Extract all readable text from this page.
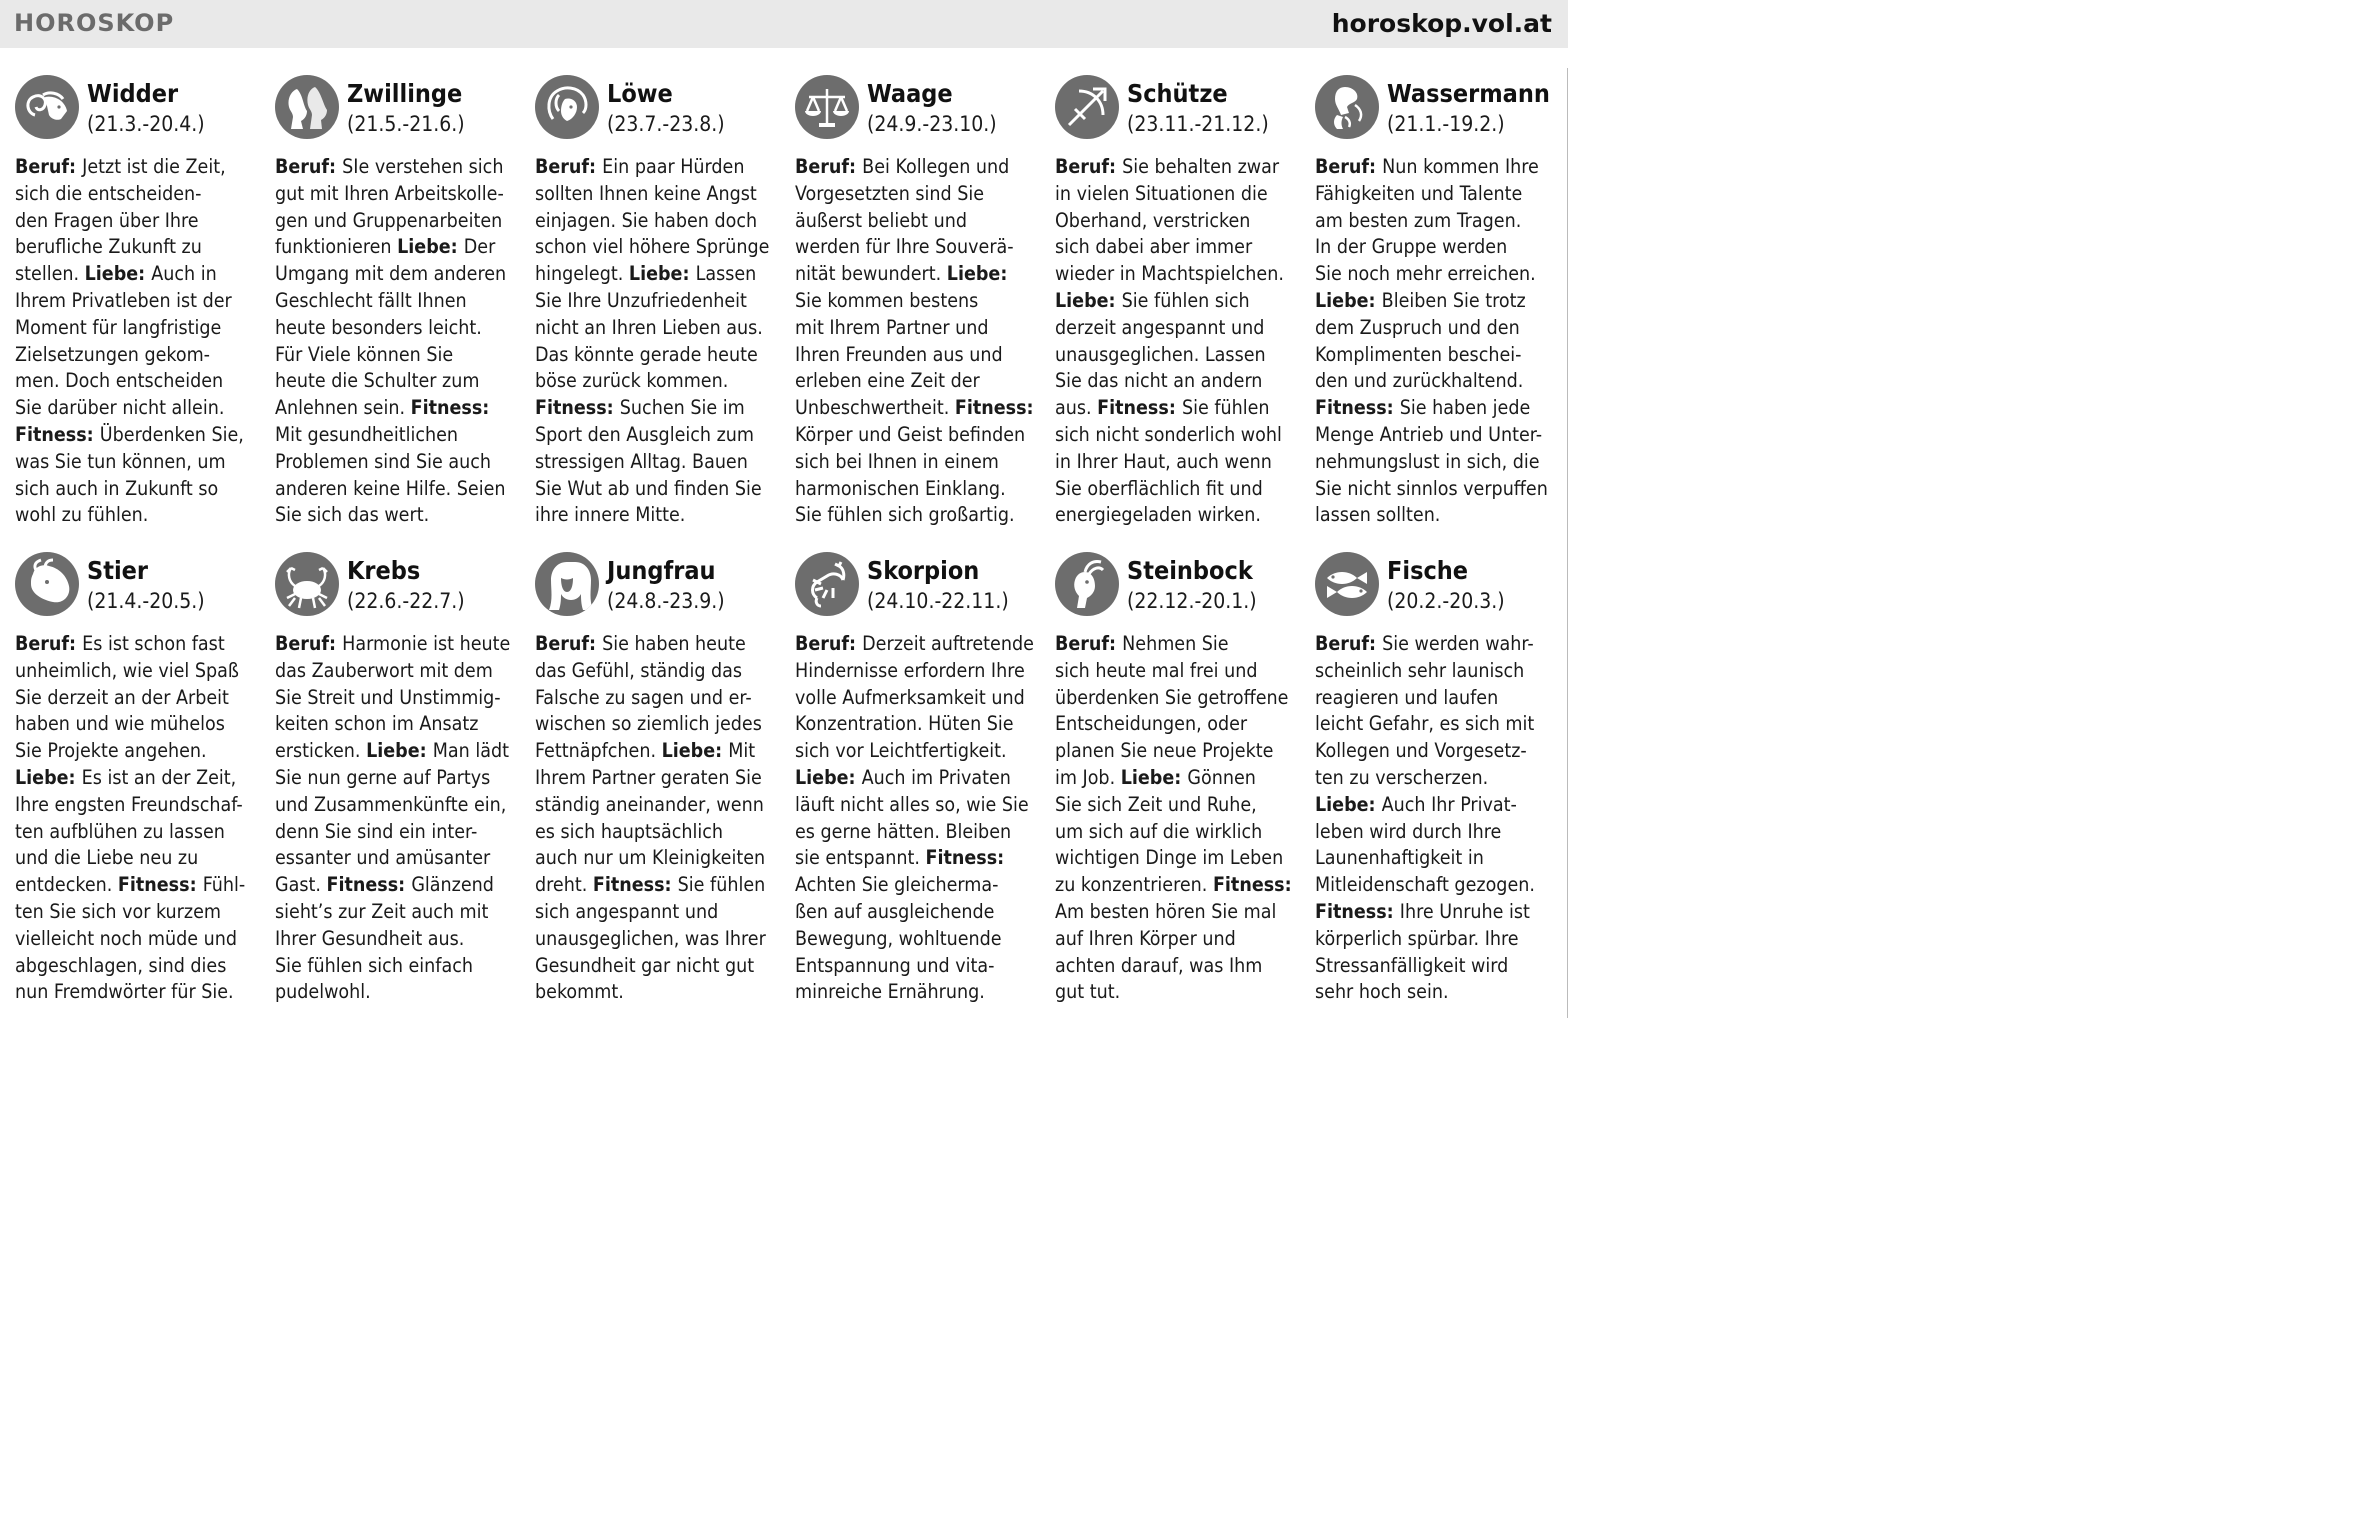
HOROSKOP	horoskop.vol.at
Widder
(21.3.-20.4.)
Beruf: Jetzt ist die Zeit,
sich die entscheiden-
den Fragen über Ihre
berufliche Zukunft zu
stellen. Liebe: Auch in
Ihrem Privatleben ist der
Moment für langfristige
Zielsetzungen gekom-
men. Doch entscheiden
Sie darüber nicht allein.
Fitness: Überdenken Sie,
was Sie tun können, um
sich auch in Zukunft so
wohl zu fühlen.
Zwillinge
(21.5.-21.6.)
Beruf: SIe verstehen sich
gut mit Ihren Arbeitskolle-
gen und Gruppenarbeiten
funktionieren Liebe: Der
Umgang mit dem anderen
Geschlecht fällt Ihnen
heute besonders leicht.
Für Viele können Sie
heute die Schulter zum
Anlehnen sein. Fitness:
Mit gesundheitlichen
Problemen sind Sie auch
anderen keine Hilfe. Seien
Sie sich das wert.
Löwe
(23.7.-23.8.)
Beruf: Ein paar Hürden
sollten Ihnen keine Angst
einjagen. Sie haben doch
schon viel höhere Sprünge
hingelegt. Liebe: Lassen
Sie Ihre Unzufriedenheit
nicht an Ihren Lieben aus.
Das könnte gerade heute
böse zurück kommen.
Fitness: Suchen Sie im
Sport den Ausgleich zum
stressigen Alltag. Bauen
Sie Wut ab und finden Sie
ihre innere Mitte.
Waage
(24.9.-23.10.)
Beruf: Bei Kollegen und
Vorgesetzten sind Sie
äußerst beliebt und
werden für Ihre Souverä-
nität bewundert. Liebe:
Sie kommen bestens
mit Ihrem Partner und
Ihren Freunden aus und
erleben eine Zeit der
Unbeschwertheit. Fitness:
Körper und Geist befinden
sich bei Ihnen in einem
harmonischen Einklang.
Sie fühlen sich großartig.
Schütze
(23.11.-21.12.)
Beruf: Sie behalten zwar
in vielen Situationen die
Oberhand, verstricken
sich dabei aber immer
wieder in Machtspielchen.
Liebe: Sie fühlen sich
derzeit angespannt und
unausgeglichen. Lassen
Sie das nicht an andern
aus. Fitness: Sie fühlen
sich nicht sonderlich wohl
in Ihrer Haut, auch wenn
Sie oberflächlich fit und
energiegeladen wirken.
Wassermann
(21.1.-19.2.)
Beruf: Nun kommen Ihre
Fähigkeiten und Talente
am besten zum Tragen.
In der Gruppe werden
Sie noch mehr erreichen.
Liebe: Bleiben Sie trotz
dem Zuspruch und den
Komplimenten beschei-
den und zurückhaltend.
Fitness: Sie haben jede
Menge Antrieb und Unter-
nehmungslust in sich, die
Sie nicht sinnlos verpuffen
lassen sollten.
Stier
(21.4.-20.5.)
Beruf: Es ist schon fast
unheimlich, wie viel Spaß
Sie derzeit an der Arbeit
haben und wie mühelos
Sie Projekte angehen.
Liebe: Es ist an der Zeit,
Ihre engsten Freundschaf-
ten aufblühen zu lassen
und die Liebe neu zu
entdecken. Fitness: Fühl-
ten Sie sich vor kurzem
vielleicht noch müde und
abgeschlagen, sind dies
nun Fremdwörter für Sie.
Krebs
(22.6.-22.7.)
Beruf: Harmonie ist heute
das Zauberwort mit dem
Sie Streit und Unstimmig-
keiten schon im Ansatz
ersticken. Liebe: Man lädt
Sie nun gerne auf Partys
und Zusammenkünfte ein,
denn Sie sind ein inter-
essanter und amüsanter
Gast. Fitness: Glänzend
sieht’s zur Zeit auch mit
Ihrer Gesundheit aus.
Sie fühlen sich einfach
pudelwohl.
Jungfrau
(24.8.-23.9.)
Beruf: Sie haben heute
das Gefühl, ständig das
Falsche zu sagen und er-
wischen so ziemlich jedes
Fettnäpfchen. Liebe: Mit
Ihrem Partner geraten Sie
ständig aneinander, wenn
es sich hauptsächlich
auch nur um Kleinigkeiten
dreht. Fitness: Sie fühlen
sich angespannt und
unausgeglichen, was Ihrer
Gesundheit gar nicht gut
bekommt.
Skorpion
(24.10.-22.11.)
Beruf: Derzeit auftretende
Hindernisse erfordern Ihre
volle Aufmerksamkeit und
Konzentration. Hüten Sie
sich vor Leichtfertigkeit.
Liebe: Auch im Privaten
läuft nicht alles so, wie Sie
es gerne hätten. Bleiben
sie entspannt. Fitness:
Achten Sie gleicherma-
ßen auf ausgleichende
Bewegung, wohltuende
Entspannung und vita-
minreiche Ernährung.
Steinbock
(22.12.-20.1.)
Beruf: Nehmen Sie
sich heute mal frei und
überdenken Sie getroffene
Entscheidungen, oder
planen Sie neue Projekte
im Job. Liebe: Gönnen
Sie sich Zeit und Ruhe,
um sich auf die wirklich
wichtigen Dinge im Leben
zu konzentrieren. Fitness:
Am besten hören Sie mal
auf Ihren Körper und
achten darauf, was Ihm
gut tut.
Fische
(20.2.-20.3.)
Beruf: Sie werden wahr-
scheinlich sehr launisch
reagieren und laufen
leicht Gefahr, es sich mit
Kollegen und Vorgesetz-
ten zu verscherzen.
Liebe: Auch Ihr Privat-
leben wird durch Ihre
Launenhaftigkeit in
Mitleidenschaft gezogen.
Fitness: Ihre Unruhe ist
körperlich spürbar. Ihre
Stressanfälligkeit wird
sehr hoch sein.
